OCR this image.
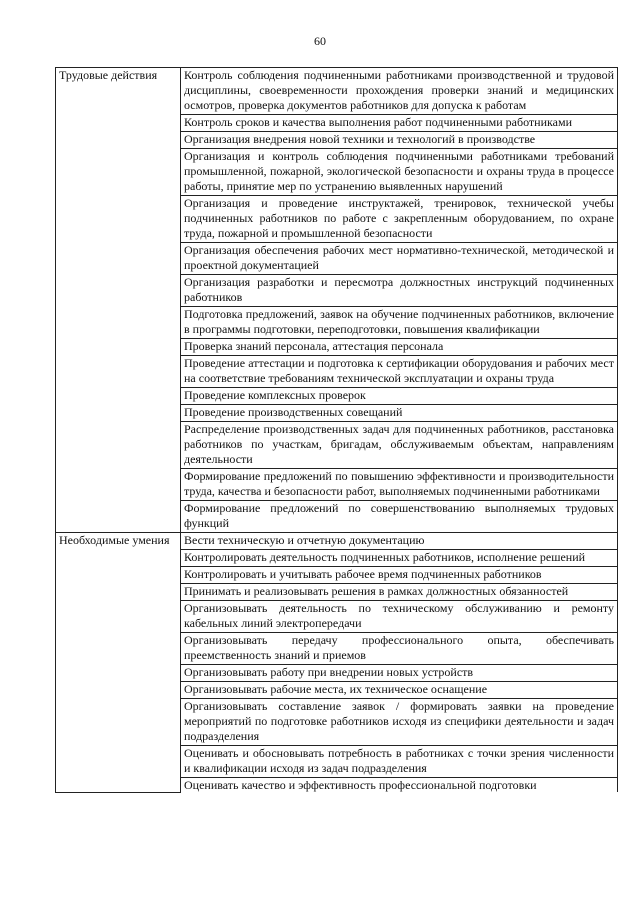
60
Трудовые действия	Контроль соблюдения подчиненными работниками производственной и трудовой дисциплины, своевременности прохождения проверки знаний и медицинских осмотров, проверка документов работников для допуска к работам
	Контроль сроков и качества выполнения работ подчиненными работниками
	Организация внедрения новой техники и технологий в производстве
	Организация и контроль соблюдения подчиненными работниками требований промышленной, пожарной, экологической безопасности и охраны труда в процессе работы, принятие мер по устранению выявленных нарушений
	Организация и проведение инструктажей, тренировок, технической учебы подчиненных работников по работе с закрепленным оборудованием, по охране труда, пожарной и промышленной безопасности
	Организация обеспечения рабочих мест нормативно-технической, методической и проектной документацией
	Организация разработки и пересмотра должностных инструкций подчиненных работников
	Подготовка предложений, заявок на обучение подчиненных работников, включение в программы подготовки, переподготовки, повышения квалификации
	Проверка знаний персонала, аттестация персонала
	Проведение аттестации и подготовка к сертификации оборудования и рабочих мест на соответствие требованиям технической эксплуатации и охраны труда
	Проведение комплексных проверок
	Проведение производственных совещаний
	Распределение производственных задач для подчиненных работников, расстановка работников по участкам, бригадам, обслуживаемым объектам, направлениям деятельности
	Формирование предложений по повышению эффективности и производительности труда, качества и безопасности работ, выполняемых подчиненными работниками
	Формирование предложений по совершенствованию выполняемых трудовых функций
Необходимые умения	Вести техническую и отчетную документацию
	Контролировать деятельность подчиненных работников, исполнение решений
	Контролировать и учитывать рабочее время подчиненных работников
	Принимать и реализовывать решения в рамках должностных обязанностей
	Организовывать деятельность по техническому обслуживанию и ремонту кабельных линий электропередачи
	Организовывать передачу профессионального опыта, обеспечивать преемственность знаний и приемов
	Организовывать работу при внедрении новых устройств
	Организовывать рабочие места, их техническое оснащение
	Организовывать составление заявок / формировать заявки на проведение мероприятий по подготовке работников исходя из специфики деятельности и задач подразделения
	Оценивать и обосновывать потребность в работниках с точки зрения численности и квалификации исходя из задач подразделения
	Оценивать качество и эффективность профессиональной подготовки
